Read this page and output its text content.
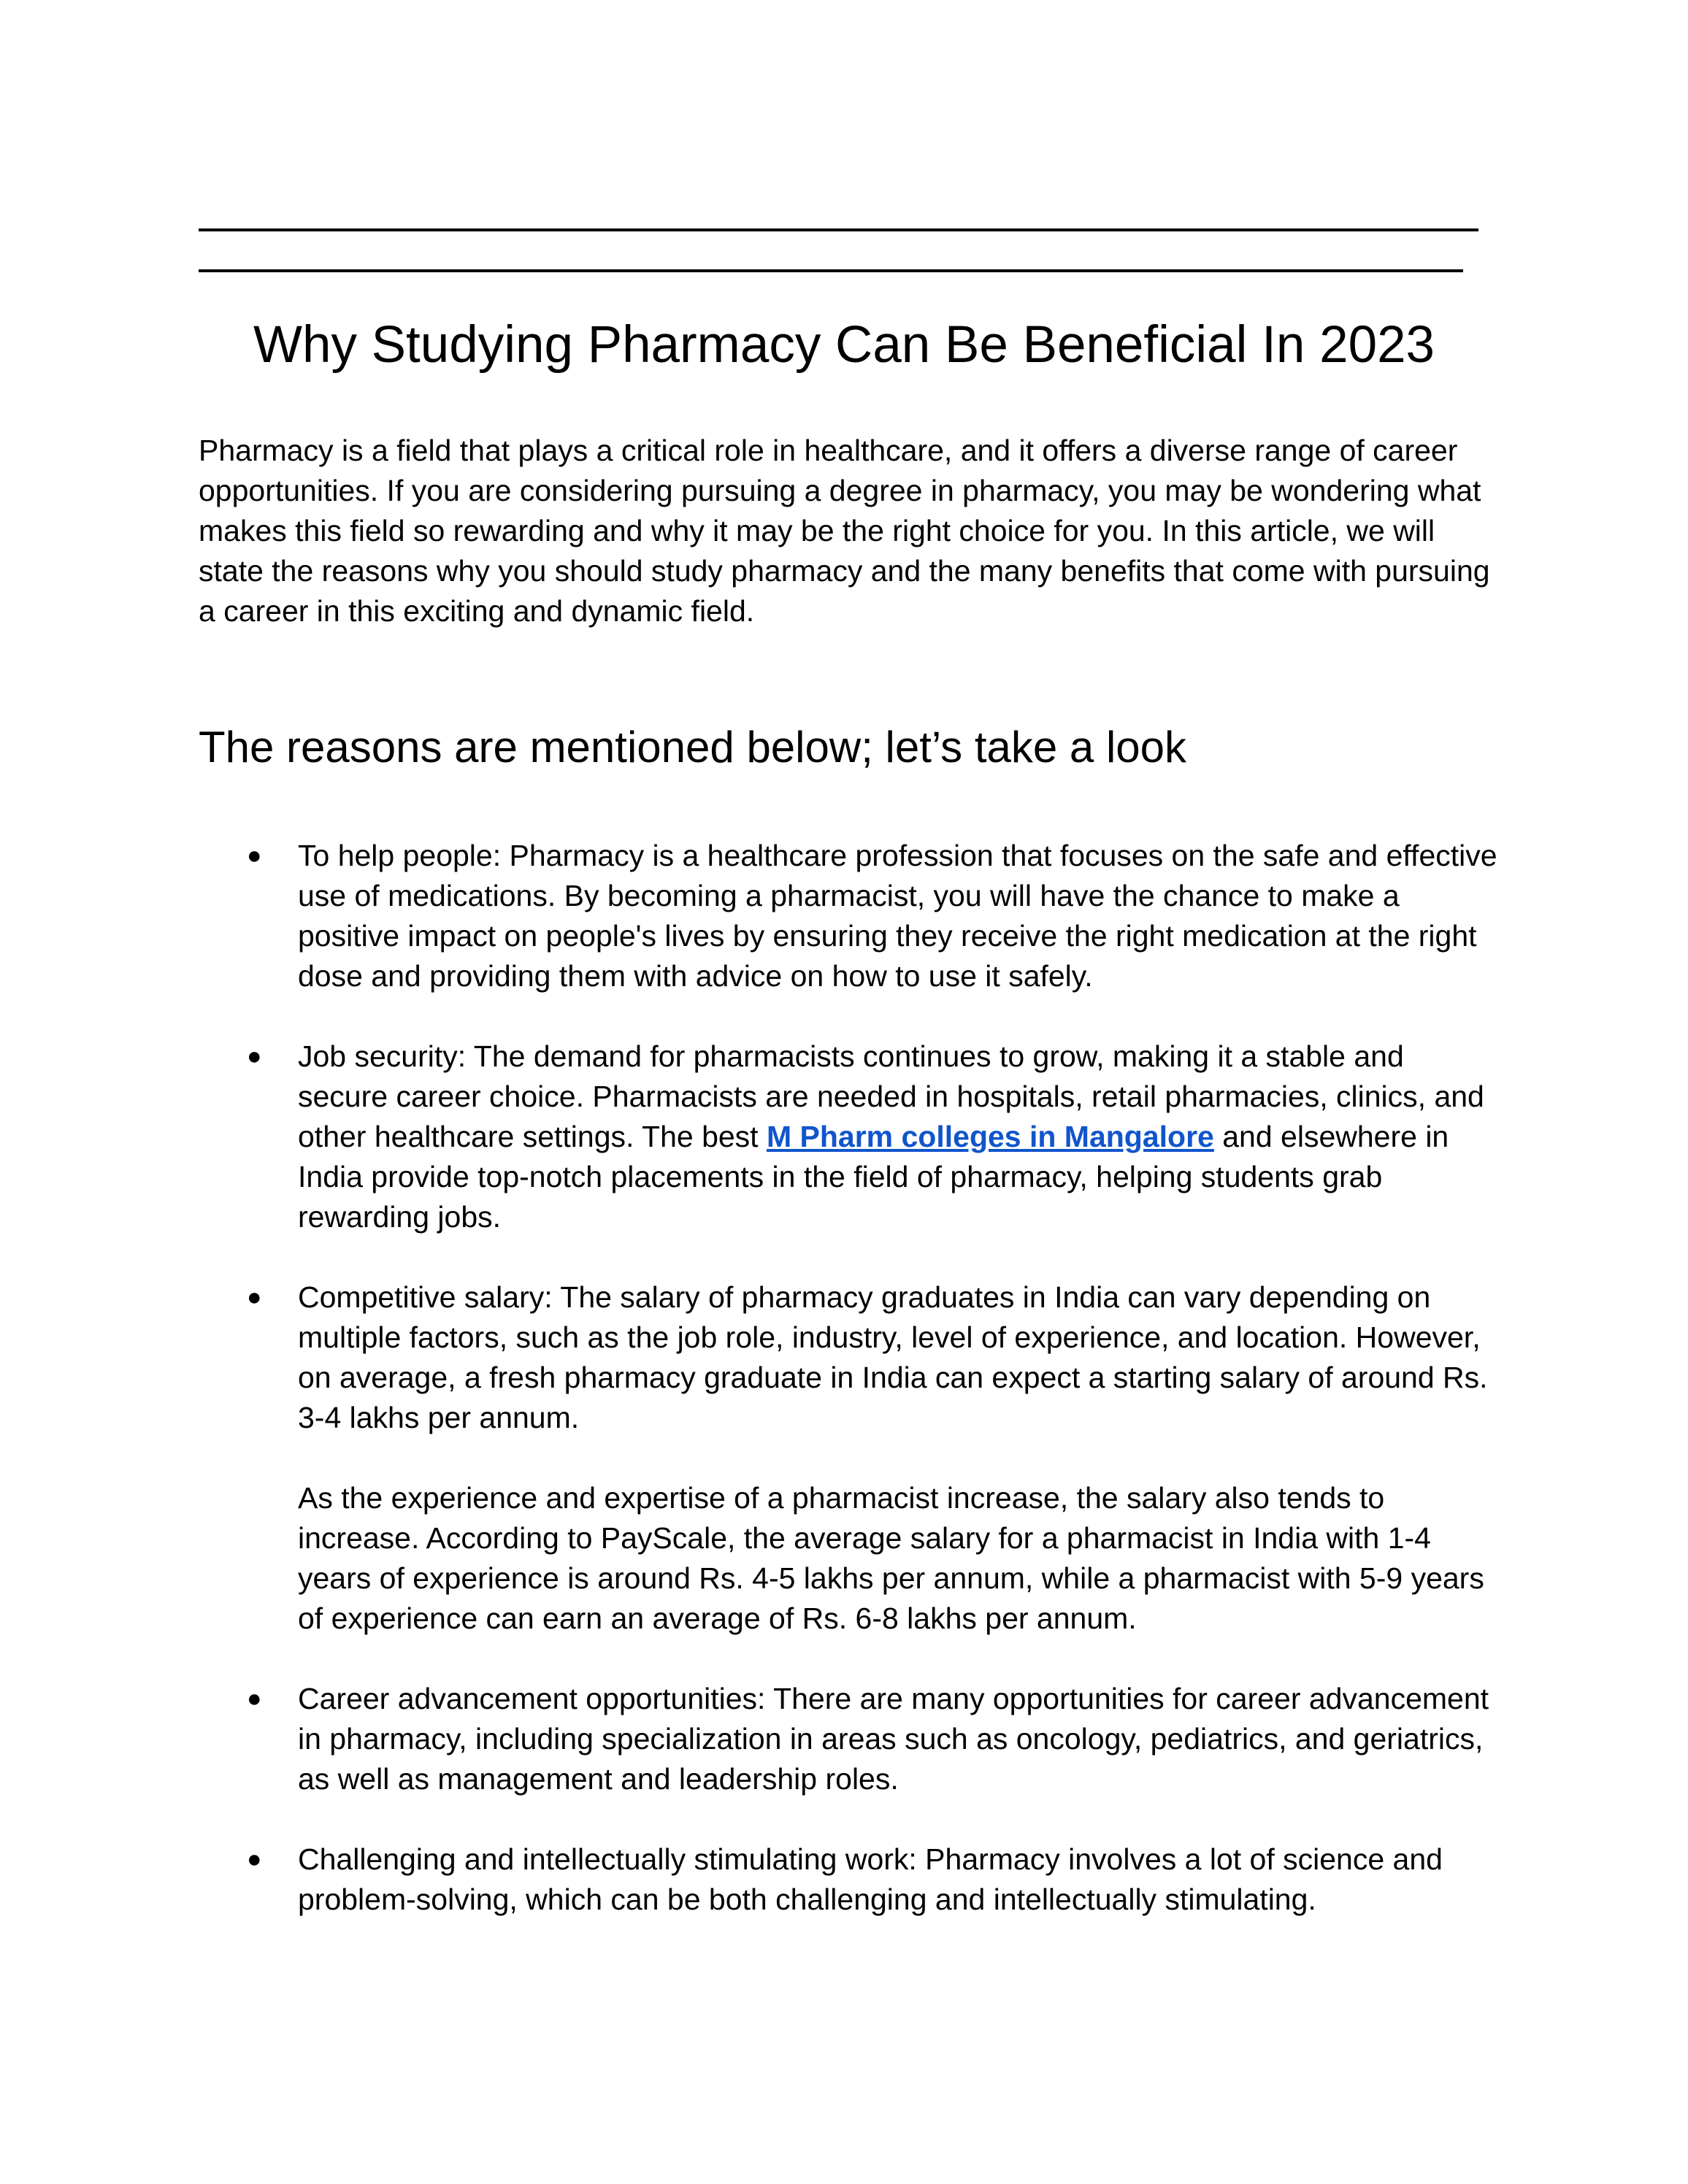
Why Studying Pharmacy Can Be Beneficial In 2023

Pharmacy is a field that plays a critical role in healthcare, and it offers a diverse range of career opportunities. If you are considering pursuing a degree in pharmacy, you may be wondering what makes this field so rewarding and why it may be the right choice for you. In this article, we will state the reasons why you should study pharmacy and the many benefits that come with pursuing a career in this exciting and dynamic field.

The reasons are mentioned below; let’s take a look
● To help people: Pharmacy is a healthcare profession that focuses on the safe and effective use of medications. By becoming a pharmacist, you will have the chance to make a positive impact on people's lives by ensuring they receive the right medication at the right dose and providing them with advice on how to use it safely.

● Job security: The demand for pharmacists continues to grow, making it a stable and secure career choice. Pharmacists are needed in hospitals, retail pharmacies, clinics, and other healthcare settings. The best M Pharm colleges in Mangalore and elsewhere in India provide top-notch placements in the field of pharmacy, helping students grab rewarding jobs.

● Competitive salary: The salary of pharmacy graduates in India can vary depending on multiple factors, such as the job role, industry, level of experience, and location. However, on average, a fresh pharmacy graduate in India can expect a starting salary of around Rs. 3-4 lakhs per annum.

As the experience and expertise of a pharmacist increase, the salary also tends to increase. According to PayScale, the average salary for a pharmacist in India with 1-4 years of experience is around Rs. 4-5 lakhs per annum, while a pharmacist with 5-9 years of experience can earn an average of Rs. 6-8 lakhs per annum.

● Career advancement opportunities: There are many opportunities for career advancement in pharmacy, including specialization in areas such as oncology, pediatrics, and geriatrics, as well as management and leadership roles.

● Challenging and intellectually stimulating work: Pharmacy involves a lot of science and problem-solving, which can be both challenging and intellectually stimulating.
